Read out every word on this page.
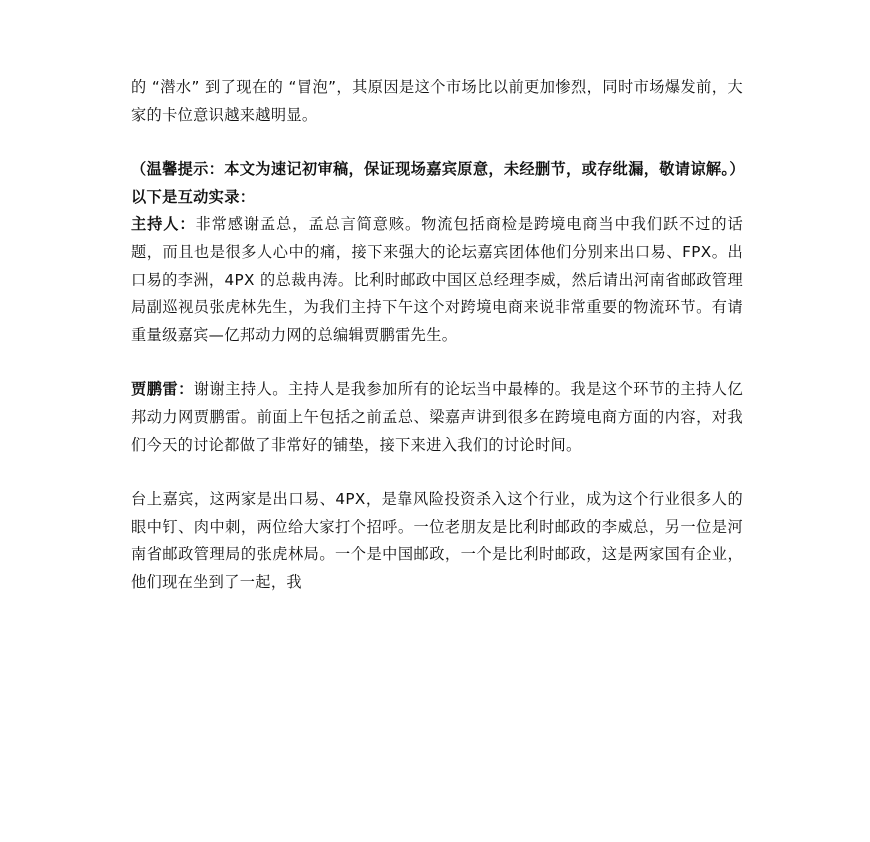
的 “潜水” 到了现在的 “冒泡”，其原因是这个市场比以前更加惨烈，同时市场爆发前，大家的卡位意识越来越明显。

（温馨提示：本文为速记初审稿，保证现场嘉宾原意，未经删节，或存纰漏，敬请谅解。）

以下是互动实录：

主持人：非常感谢孟总，孟总言简意赅。物流包括商检是跨境电商当中我们跃不过的话题，而且也是很多人心中的痛，接下来强大的论坛嘉宾团体他们分别来出口易、FPX。出口易的李洲，4PX 的总裁冉涛。比利时邮政中国区总经理李威，然后请出河南省邮政管理局副巡视员张虎林先生，为我们主持下午这个对跨境电商来说非常重要的物流环节。有请重量级嘉宾—亿邦动力网的总编辑贾鹏雷先生。

贾鹏雷：谢谢主持人。主持人是我参加所有的论坛当中最棒的。我是这个环节的主持人亿邦动力网贾鹏雷。前面上午包括之前孟总、梁嘉声讲到很多在跨境电商方面的内容，对我们今天的讨论都做了非常好的铺垫，接下来进入我们的讨论时间。

台上嘉宾，这两家是出口易、4PX，是靠风险投资杀入这个行业，成为这个行业很多人的眼中钉、肉中刺，两位给大家打个招呼。一位老朋友是比利时邮政的李威总，另一位是河南省邮政管理局的张虎林局。一个是中国邮政，一个是比利时邮政，这是两家国有企业，他们现在坐到了一起，我
